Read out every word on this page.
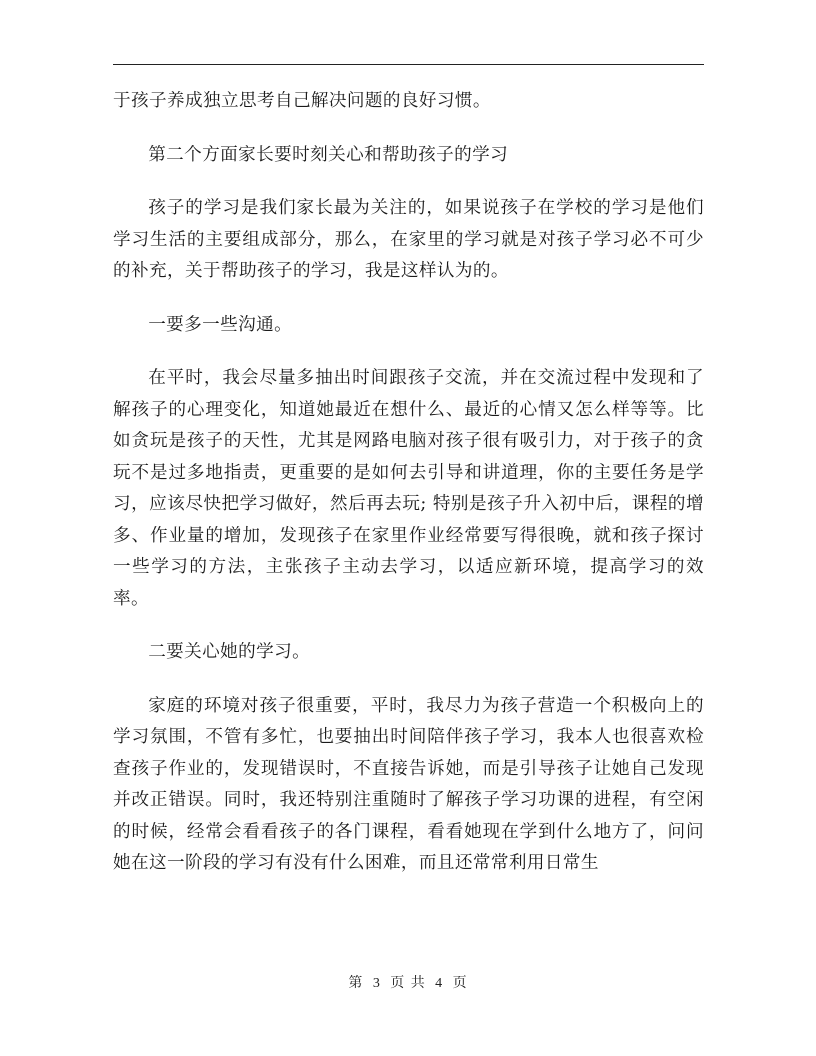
于孩子养成独立思考自己解决问题的良好习惯。

第二个方面家长要时刻关心和帮助孩子的学习

孩子的学习是我们家长最为关注的，如果说孩子在学校的学习是他们学习生活的主要组成部分，那么，在家里的学习就是对孩子学习必不可少的补充，关于帮助孩子的学习，我是这样认为的。

一要多一些沟通。

在平时，我会尽量多抽出时间跟孩子交流，并在交流过程中发现和了解孩子的心理变化，知道她最近在想什么、最近的心情又怎么样等等。比如贪玩是孩子的天性，尤其是网路电脑对孩子很有吸引力，对于孩子的贪玩不是过多地指责，更重要的是如何去引导和讲道理，你的主要任务是学习，应该尽快把学习做好，然后再去玩; 特别是孩子升入初中后，课程的增多、作业量的增加，发现孩子在家里作业经常要写得很晚，就和孩子探讨一些学习的方法，主张孩子主动去学习，以适应新环境，提高学习的效率。

二要关心她的学习。

家庭的环境对孩子很重要，平时，我尽力为孩子营造一个积极向上的学习氛围，不管有多忙，也要抽出时间陪伴孩子学习，我本人也很喜欢检查孩子作业的，发现错误时，不直接告诉她，而是引导孩子让她自己发现并改正错误。同时，我还特别注重随时了解孩子学习功课的进程，有空闲的时候，经常会看看孩子的各门课程，看看她现在学到什么地方了，问问她在这一阶段的学习有没有什么困难，而且还常常利用日常生

第 3 页 共 4 页
